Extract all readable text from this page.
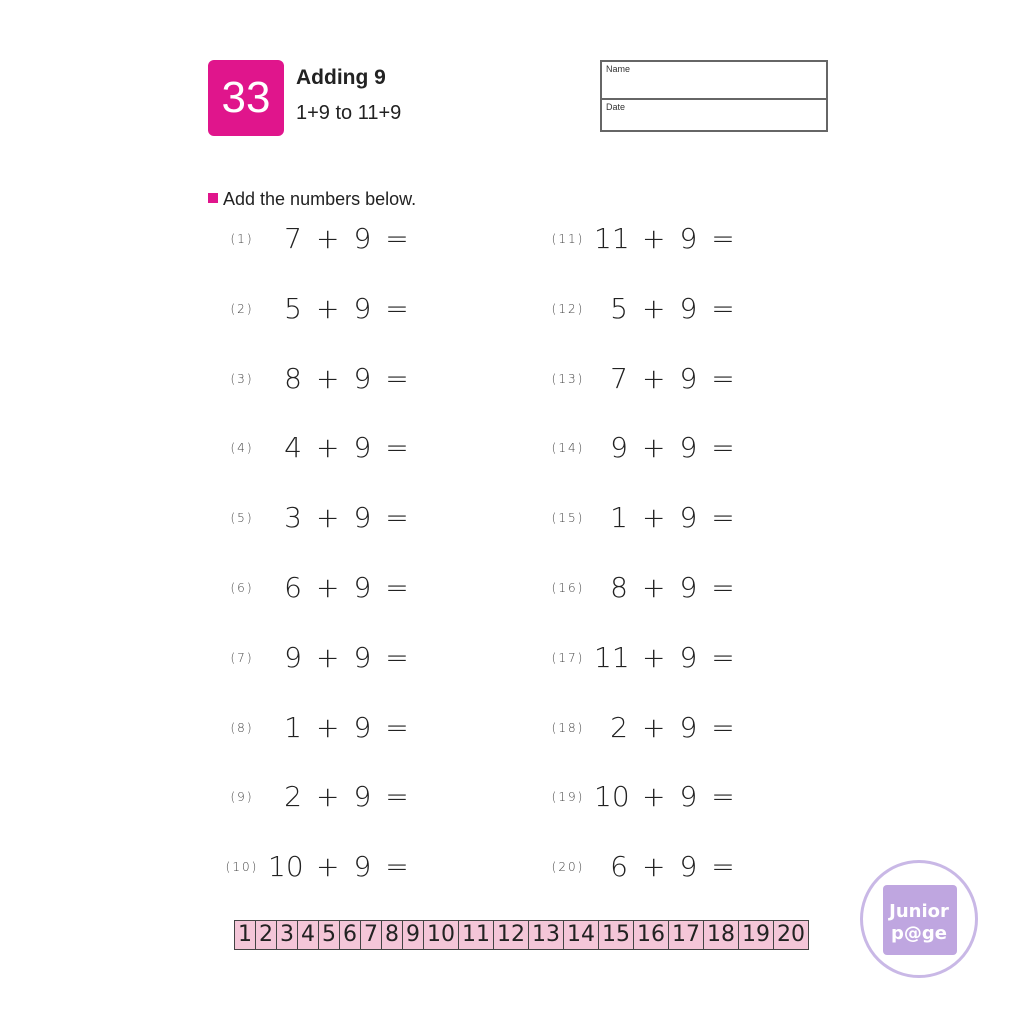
33	Adding 9
1+9 to 11+9
Name
Date
Add the numbers below.
(1)	7  +  9  =
(2)	5  +  9  =
(3)	8  +  9  =
(4)	4  +  9  =
(5)	3  +  9  =
(6)	6  +  9  =
(7)	9  +  9  =
(8)	1  +  9  =
(9)	2  +  9  =
(10) 10  +  9  =
(11) 11  +  9  =
(12) 5  +  9  =
(13) 7  +  9  =
(14) 9  +  9  =
(15) 1  +  9  =
(16) 8  +  9  =
(17) 11  +  9  =
(18) 2  +  9  =
(19) 10  +  9  =
(20) 6  +  9  =
1 2 3 4 5 6 7 8 9 10 11 12 13 14 15 16 17 18 19 20
Junior
p@ge
